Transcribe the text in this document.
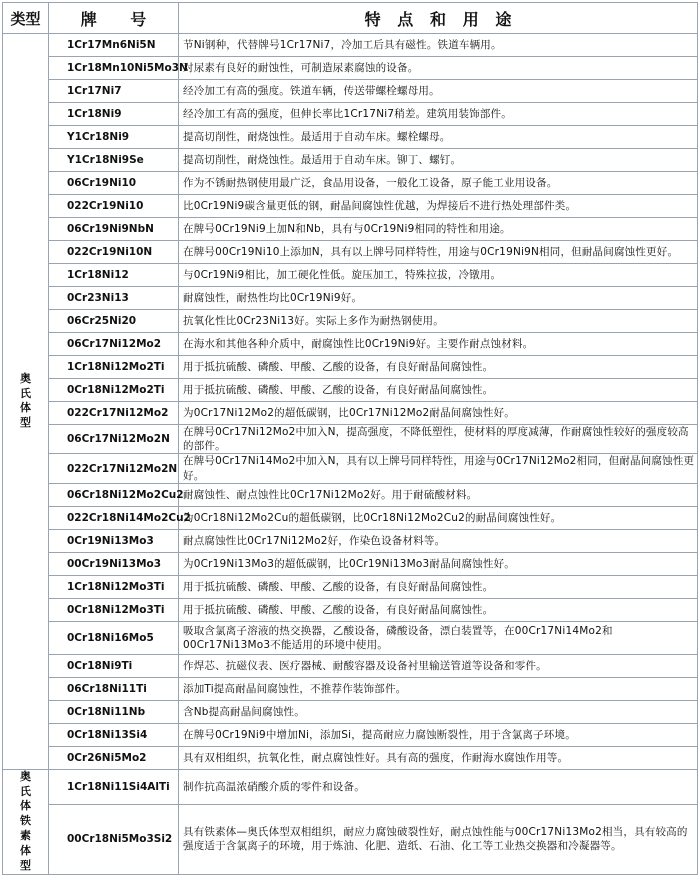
类型	牌      号	特   点   和   用   途
奥氏体型	1Cr17Mn6Ni5N	节Ni钢种，代替牌号1Cr17Ni7，冷加工后具有磁性。铁道车辆用。
	1Cr18Mn10Ni5Mo3N	对尿素有良好的耐蚀性，可制造尿素腐蚀的设备。
	1Cr17Ni7	经冷加工有高的强度。铁道车辆，传送带螺栓螺母用。
	1Cr18Ni9	经冷加工有高的强度，但伸长率比1Cr17Ni7稍差。建筑用装饰部件。
	Y1Cr18Ni9	提高切削性，耐烧蚀性。最适用于自动车床。螺栓螺母。
	Y1Cr18Ni9Se	提高切削性，耐烧蚀性。最适用于自动车床。铆丁、螺钉。
	06Cr19Ni10	作为不锈耐热钢使用最广泛，食品用设备，一般化工设备，原子能工业用设备。
	022Cr19Ni10	比0Cr19Ni9碳含量更低的钢，耐晶间腐蚀性优越，为焊接后不进行热处理部件类。
	06Cr19Ni9NbN	在牌号0Cr19Ni9上加N和Nb，具有与0Cr19Ni9相同的特性和用途。
	022Cr19Ni10N	在牌号00Cr19Ni10上添加N，具有以上牌号同样特性，用途与0Cr19Ni9N相同，但耐晶间腐蚀性更好。
	1Cr18Ni12	与0Cr19Ni9相比，加工硬化性低。旋压加工，特殊拉拔，冷镦用。
	0Cr23Ni13	耐腐蚀性，耐热性均比0Cr19Ni9好。
	06Cr25Ni20	抗氧化性比0Cr23Ni13好。实际上多作为耐热钢使用。
	06Cr17Ni12Mo2	在海水和其他各种介质中，耐腐蚀性比0Cr19Ni9好。主要作耐点蚀材料。
	1Cr18Ni12Mo2Ti	用于抵抗硫酸、磷酸、甲酸、乙酸的设备，有良好耐晶间腐蚀性。
	0Cr18Ni12Mo2Ti	用于抵抗硫酸、磷酸、甲酸、乙酸的设备，有良好耐晶间腐蚀性。
	022Cr17Ni12Mo2	为0Cr17Ni12Mo2的超低碳钢，比0Cr17Ni12Mo2耐晶间腐蚀性好。
	06Cr17Ni12Mo2N	在牌号0Cr17Ni12Mo2中加入N，提高强度，不降低塑性，使材料的厚度减薄，作耐腐蚀性较好的强度较高的部件。
	022Cr17Ni12Mo2N	在牌号0Cr17Ni14Mo2中加入N，具有以上牌号同样特性，用途与0Cr17Ni12Mo2相同，但耐晶间腐蚀性更好。
	06Cr18Ni12Mo2Cu2	耐腐蚀性、耐点蚀性比0Cr17Ni12Mo2好。用于耐硫酸材料。
	022Cr18Ni14Mo2Cu2	为0Cr18Ni12Mo2Cu的超低碳钢，比0Cr18Ni12Mo2Cu2的耐晶间腐蚀性好。
	0Cr19Ni13Mo3	耐点腐蚀性比0Cr17Ni12Mo2好，作染色设备材料等。
	00Cr19Ni13Mo3	为0Cr19Ni13Mo3的超低碳钢，比0Cr19Ni13Mo3耐晶间腐蚀性好。
	1Cr18Ni12Mo3Ti	用于抵抗硫酸、磷酸、甲酸、乙酸的设备，有良好耐晶间腐蚀性。
	0Cr18Ni12Mo3Ti	用于抵抗硫酸、磷酸、甲酸、乙酸的设备，有良好耐晶间腐蚀性。
	0Cr18Ni16Mo5	吸取含氯离子溶液的热交换器，乙酸设备，磷酸设备，漂白装置等，在00Cr17Ni14Mo2和00Cr17Ni13Mo3不能适用的环境中使用。
	0Cr18Ni9Ti	作焊芯、抗磁仪表、医疗器械、耐酸容器及设备衬里输送管道等设备和零件。
	06Cr18Ni11Ti	添加Ti提高耐晶间腐蚀性，不推荐作装饰部件。
	0Cr18Ni11Nb	含Nb提高耐晶间腐蚀性。
	0Cr18Ni13Si4	在牌号0Cr19Ni9中增加Ni，添加Si，提高耐应力腐蚀断裂性，用于含氯离子环境。
	0Cr26Ni5Mo2	具有双相组织，抗氧化性，耐点腐蚀性好。具有高的强度，作耐海水腐蚀作用等。
奥氏体铁素体型	1Cr18Ni11Si4AlTi	制作抗高温浓硝酸介质的零件和设备。
	00Cr18Ni5Mo3Si2	具有铁素体—奥氏体型双相组织，耐应力腐蚀破裂性好，耐点蚀性能与00Cr17Ni13Mo2相当，具有较高的强度适于含氯离子的环境，用于炼油、化肥、造纸、石油、化工等工业热交换器和冷凝器等。
